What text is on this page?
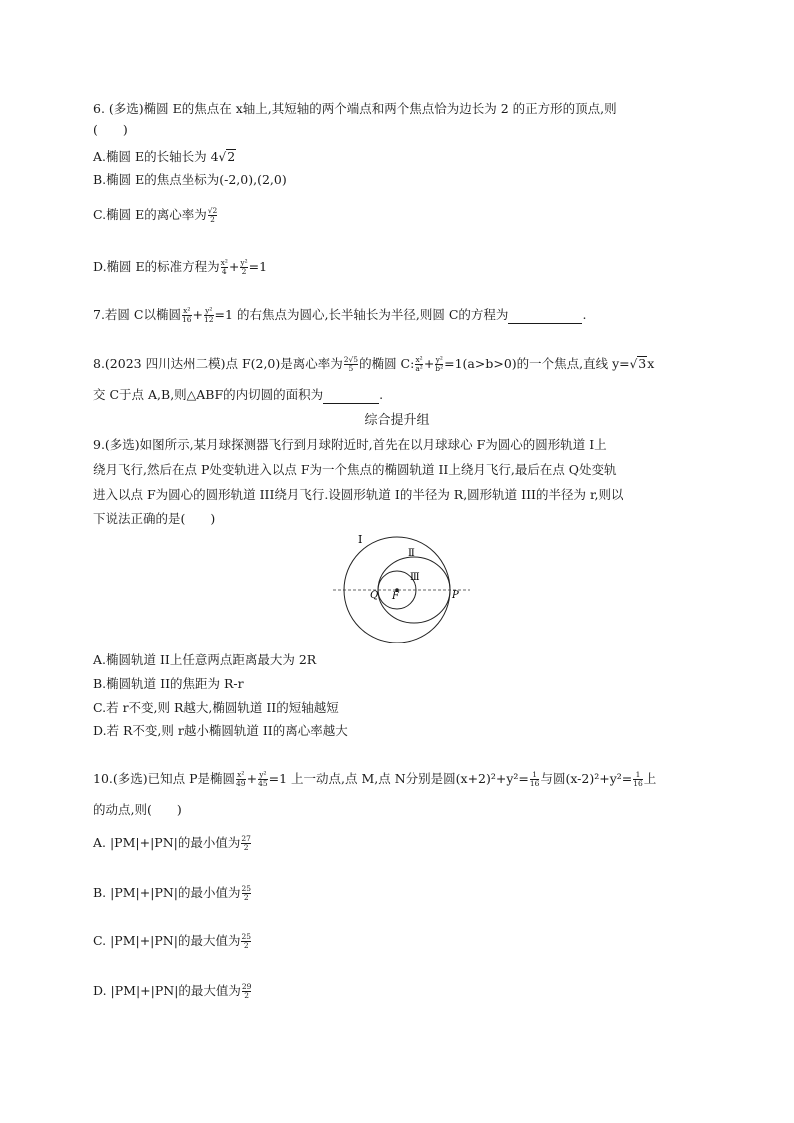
6. (多选)椭圆 E的焦点在 x轴上,其短轴的两个端点和两个焦点恰为边长为 2 的正方形的顶点,则
(　　)
A.椭圆 E的长轴长为 4√2
B.椭圆 E的焦点坐标为(-2,0),(2,0)
C.椭圆 E的离心率为 $\frac{√2}{2}$
D.椭圆 E的标准方程为 $\frac{\text{x²}}{4} + \frac{\text{y²}}{2} =1$
7.若圆 C以椭圆 $\frac{\text{x²}}{16} + \frac{\text{y²}}{12} =1$ 的右焦点为圆心,长半轴长为半径,则圆 C的方程为	.
8.(2023 四川达州二模)点 F(2,0)是离心率为 $\frac{2√5}{5}$ 的椭圆 C: $\frac{\text{x²}}{\text{a²}} + \frac{\text{y²}}{\text{b²}} =1(a>b>0)$的一个焦点,直线 y=√3x
交 C于点 A,B,则△ABF的内切圆的面积为	.
综合提升组
9.(多选)如图所示,某月球探测器飞行到月球附近时,首先在以月球球心 F为圆心的圆形轨道 I上
绕月飞行,然后在点 P处变轨进入以点 F为一个焦点的椭圆轨道 II上绕月飞行,最后在点 Q处变轨
进入以点 F为圆心的圆形轨道 III绕月飞行.设圆形轨道 I的半径为 R,圆形轨道 III的半径为 r,则以
下说法正确的是(　　)
I
Ⅱ
Ⅲ
Q F	P
A.椭圆轨道 II上任意两点距离最大为 2R
B.椭圆轨道 II的焦距为 R-r
C.若 r不变,则 R越大,椭圆轨道 II的短轴越短
D.若 R不变,则 r越小椭圆轨道 II的离心率越大
10.(多选)已知点 P是椭圆 $\frac{\text{x²}}{49} + \frac{\text{y²}}{45} =1$ 上一动点,点 M,点 N分别是圆$(x+2)^2+y^2= \frac{1}{16}$ 与圆$(x-2)^2+y^2= \frac{1}{16}$ 上
的动点,则(　　)
A. |PM|+|PN|的最小值为 $\frac{27}{2}$
B. |PM|+|PN|的最小值为 $\frac{25}{2}$
C. |PM|+|PN|的最大值为 $\frac{25}{2}$
D. |PM|+|PN|的最大值为 $\frac{29}{2}$
